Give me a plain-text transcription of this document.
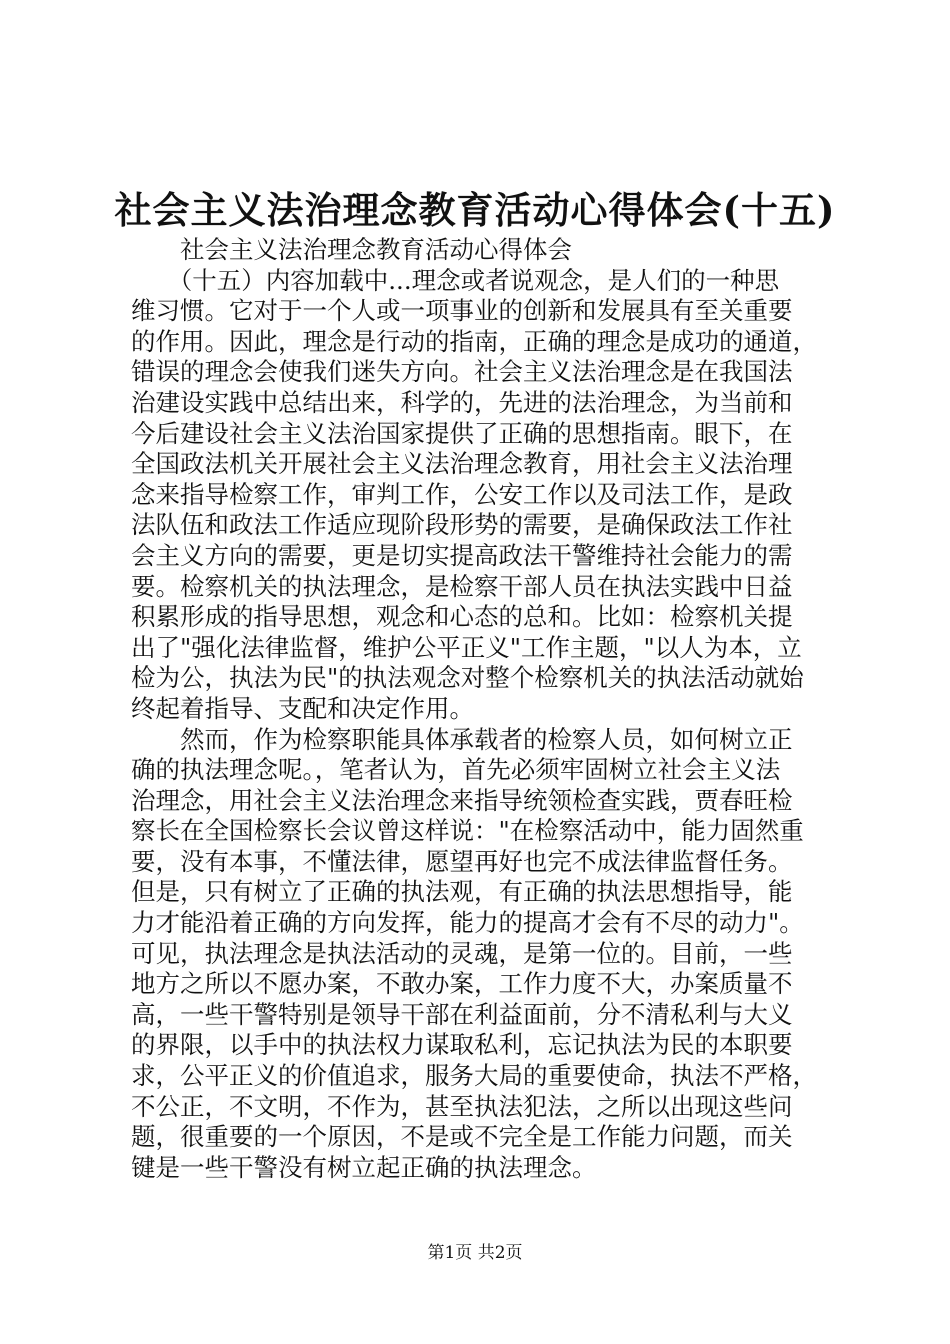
社会主义法治理念教育活动心得体会(十五)
　　社会主义法治理念教育活动心得体会
　　（十五）内容加载中...理念或者说观念，是人们的一种思
维习惯。它对于一个人或一项事业的创新和发展具有至关重要
的作用。因此，理念是行动的指南，正确的理念是成功的通道，
错误的理念会使我们迷失方向。社会主义法治理念是在我国法
治建设实践中总结出来，科学的，先进的法治理念，为当前和
今后建设社会主义法治国家提供了正确的思想指南。眼下，在
全国政法机关开展社会主义法治理念教育，用社会主义法治理
念来指导检察工作，审判工作，公安工作以及司法工作，是政
法队伍和政法工作适应现阶段形势的需要，是确保政法工作社
会主义方向的需要，更是切实提高政法干警维持社会能力的需
要。检察机关的执法理念，是检察干部人员在执法实践中日益
积累形成的指导思想，观念和心态的总和。比如：检察机关提
出了"强化法律监督，维护公平正义"工作主题，"以人为本，立
检为公，执法为民"的执法观念对整个检察机关的执法活动就始
终起着指导、支配和决定作用。
　　然而，作为检察职能具体承载者的检察人员，如何树立正
确的执法理念呢。，笔者认为，首先必须牢固树立社会主义法
治理念，用社会主义法治理念来指导统领检查实践，贾春旺检
察长在全国检察长会议曾这样说："在检察活动中，能力固然重
要，没有本事，不懂法律，愿望再好也完不成法律监督任务。
但是，只有树立了正确的执法观，有正确的执法思想指导，能
力才能沿着正确的方向发挥，能力的提高才会有不尽的动力"。
可见，执法理念是执法活动的灵魂，是第一位的。目前，一些
地方之所以不愿办案，不敢办案，工作力度不大，办案质量不
高，一些干警特别是领导干部在利益面前，分不清私利与大义
的界限，以手中的执法权力谋取私利，忘记执法为民的本职要
求，公平正义的价值追求，服务大局的重要使命，执法不严格，
不公正，不文明，不作为，甚至执法犯法，之所以出现这些问
题，很重要的一个原因，不是或不完全是工作能力问题，而关
键是一些干警没有树立起正确的执法理念。
第1页 共2页
